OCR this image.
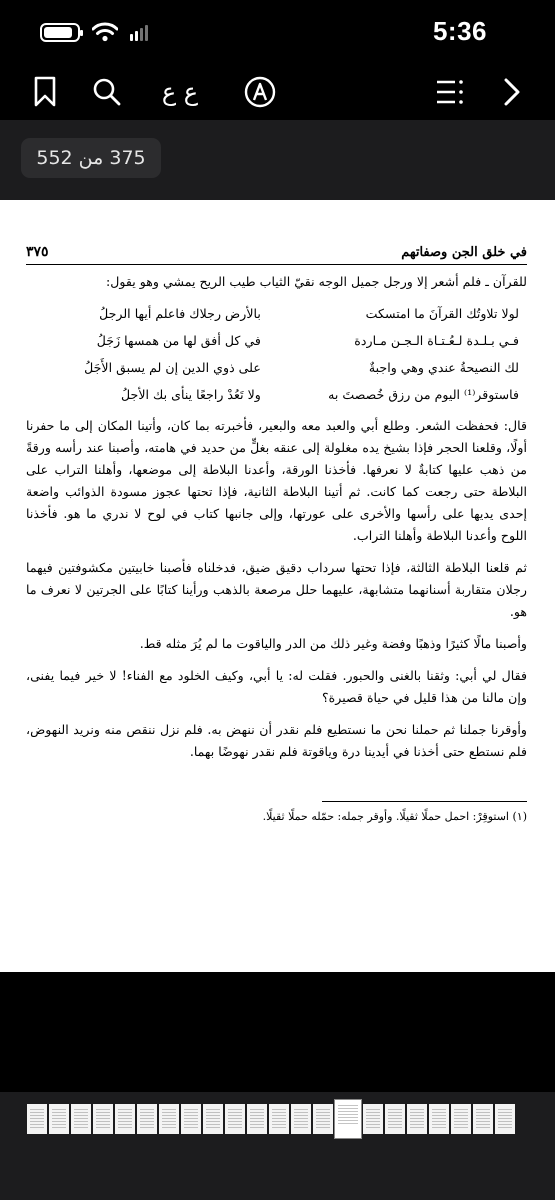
5:36
ع ع
375 من 552
في خلق الجن وصفاتهم
٣٧٥

للقرآن ـ فلم أشعر إلا ورجل جميل الوجه نقيّ الثياب طيب الريح يمشي وهو يقول:

لولا تلاوتُك القرآنَ ما امتسكت
بالأرض رجلاك فاعلم أيها الرجلُ
فـي بـلـدة لـعُـتـاة الـجـن مـاردة
في كل أفق لها من همسها زَجَلُ
لك النصيحةُ عندي وهي واجبةٌ
على ذوي الدين إن لم يسبق الأَجَلُ
فاستوقر⁽¹⁾ اليوم من رزق خُصصتَ به
ولا تَعُدْ راجعًا ينأى بك الأجلُ

قال: فحفظت الشعر. وطلع أبي والعبد معه والبعير، فأخبرته بما كان، وأتينا المكان إلى ما حفرنا أولًا، وقلعنا الحجر فإذا بشيخ يده مغلولة إلى عنقه بغلٍّ من حديد في هامته، وأصبنا عند رأسه ورقةً من ذهب عليها كتابةٌ لا نعرفها. فأخذنا الورقة، وأعدنا البلاطة إلى موضعها، وأهلنا التراب على البلاطة حتى رجعت كما كانت. ثم أتينا البلاطة الثانية، فإذا تحتها عجوز مسودة الذوائب واضعة إحدى يديها على رأسها والأخرى على عورتها، وإلى جانبها كتاب في لوح لا ندري ما هو. فأخذنا اللوح وأعدنا البلاطة وأهلنا التراب.

ثم قلعنا البلاطة الثالثة، فإذا تحتها سرداب دقيق ضيق، فدخلناه فأصبنا خابيتين مكشوفتين فيهما رجلان متقاربة أسنانهما متشابهة، عليهما حلل مرصعة بالذهب ورأينا كتابًا على الجرتين لا نعرف ما هو.

وأصبنا مالًا كثيرًا وذهبًا وفضة وغير ذلك من الدر والياقوت ما لم يُرَ مثله قط.

فقال لي أبي: وثقنا بالغنى والحبور. فقلت له: يا أبي، وكيف الخلود مع الفناء! لا خير فيما يفنى، وإن مالنا من هذا قليل في حياة قصيرة؟

وأوقرنا جملنا ثم حملنا نحن ما نستطيع فلم نقدر أن ننهض به. فلم نزل ننقص منه ونريد النهوض، فلم نستطع حتى أخذنا في أيدينا درة وياقوتة فلم نقدر نهوضًا بهما.

(١) استوقِرْ: احمل حملًا ثقيلًا. وأوقر جمله: حمّله حملًا ثقيلًا.
